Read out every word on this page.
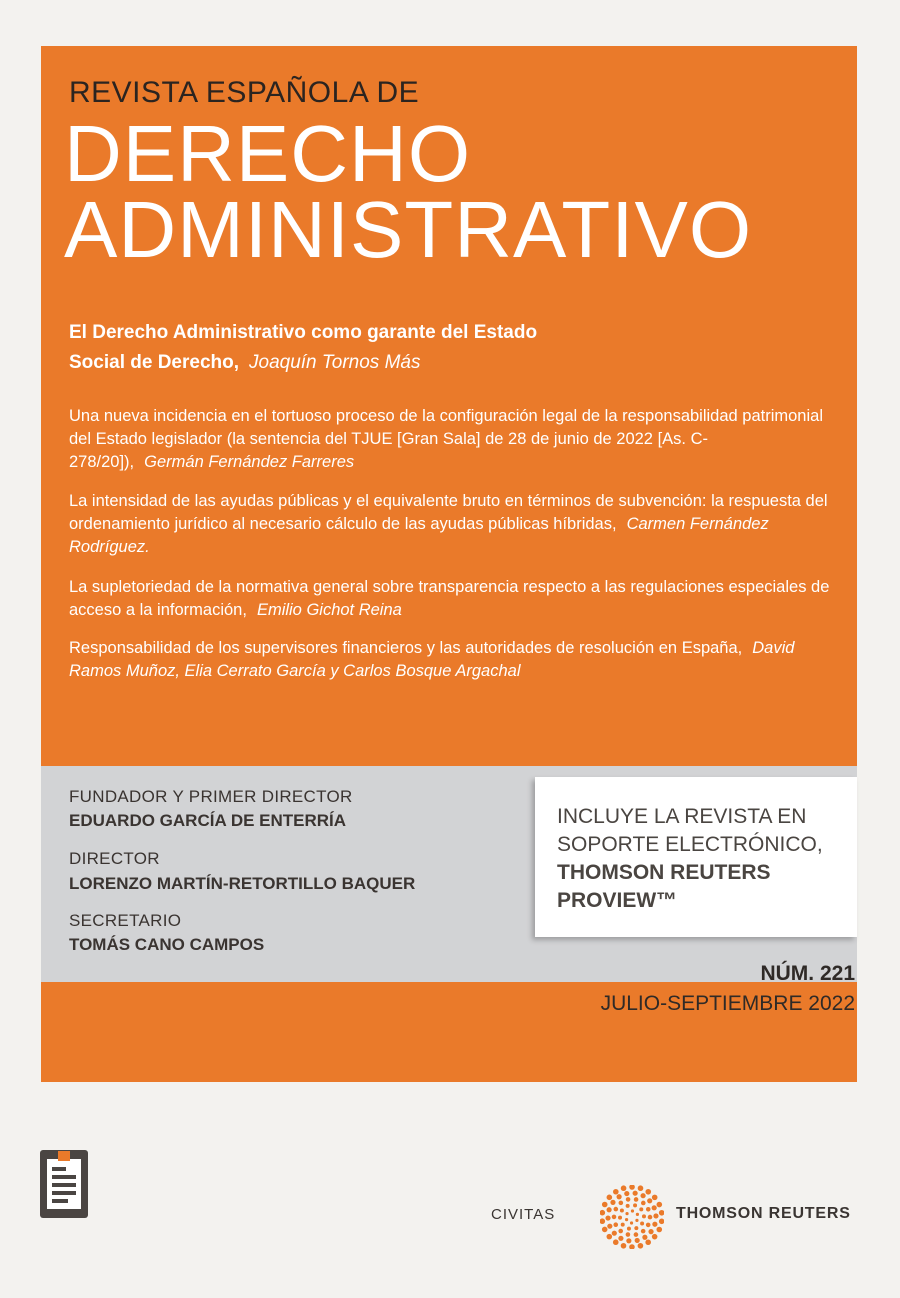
REVISTA ESPAÑOLA DE
DERECHO
ADMINISTRATIVO
El Derecho Administrativo como garante del Estado
Social de Derecho, Joaquín Tornos Más
Una nueva incidencia en el tortuoso proceso de la configuración legal de la responsabilidad patrimonial del Estado legislador (la sentencia del TJUE [Gran Sala] de 28 de junio de 2022 [As. C-278/20]), Germán Fernández Farreres
La intensidad de las ayudas públicas y el equivalente bruto en términos de subvención: la respuesta del ordenamiento jurídico al necesario cálculo de las ayudas públicas híbridas, Carmen Fernández Rodríguez.
La supletoriedad de la normativa general sobre transparencia respecto a las regulaciones especiales de acceso a la información, Emilio Gichot Reina
Responsabilidad de los supervisores financieros y las autoridades de resolución en España, David Ramos Muñoz, Elia Cerrato García y Carlos Bosque Argachal
FUNDADOR Y PRIMER DIRECTOR
EDUARDO GARCÍA DE ENTERRÍA
DIRECTOR
LORENZO MARTÍN-RETORTILLO BAQUER
SECRETARIO
TOMÁS CANO CAMPOS
INCLUYE LA REVISTA EN
SOPORTE ELECTRÓNICO,
THOMSON REUTERS
PROVIEW™
NÚM. 221
JULIO-SEPTIEMBRE 2022
CIVITAS	THOMSON REUTERS
